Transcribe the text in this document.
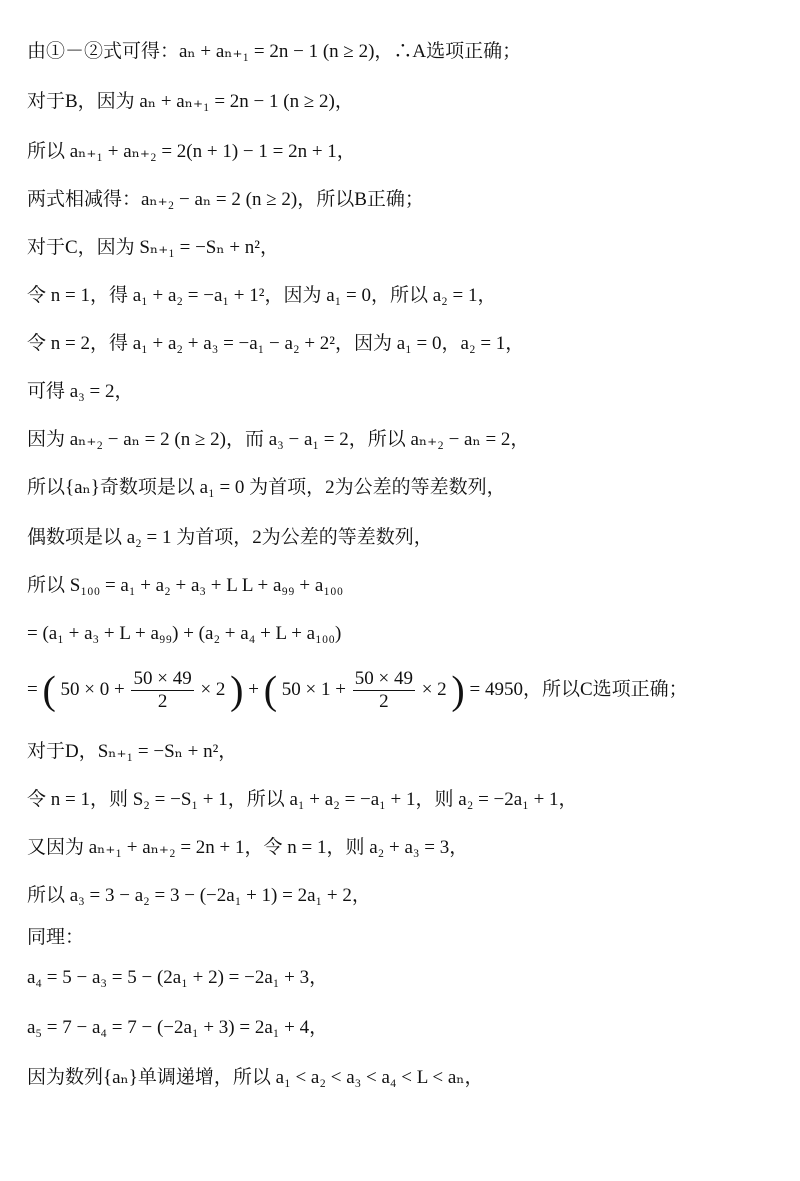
由①－②式可得：aₙ + aₙ₊₁ = 2n − 1 (n ≥ 2)，∴A选项正确；
对于B，因为 aₙ + aₙ₊₁ = 2n − 1 (n ≥ 2)，
所以 aₙ₊₁ + aₙ₊₂ = 2(n + 1) − 1 = 2n + 1，
两式相减得：aₙ₊₂ − aₙ = 2 (n ≥ 2)，所以B正确；
对于C，因为 Sₙ₊₁ = −Sₙ + n²，
令 n = 1，得 a₁ + a₂ = −a₁ + 1²，因为 a₁ = 0，所以 a₂ = 1，
令 n = 2，得 a₁ + a₂ + a₃ = −a₁ − a₂ + 2²，因为 a₁ = 0，a₂ = 1，
可得 a₃ = 2，
因为 aₙ₊₂ − aₙ = 2 (n ≥ 2)，而 a₃ − a₁ = 2，所以 aₙ₊₂ − aₙ = 2，
所以{aₙ}奇数项是以 a₁ = 0 为首项，2为公差的等差数列，
偶数项是以 a₂ = 1 为首项，2为公差的等差数列，
所以 S₁₀₀ = a₁ + a₂ + a₃ + L L + a₉₉ + a₁₀₀
= (a₁ + a₃ + L + a₉₉) + (a₂ + a₄ + L + a₁₀₀)
= ( $50 \times 0 + \frac{50 \times 49}{2} \times 2$ ) + ( $50 \times 1 + \frac{50 \times 49}{2} \times 2$ ) = 4950，所以C选项正确；
对于D，Sₙ₊₁ = −Sₙ + n²，
令 n = 1，则 S₂ = −S₁ + 1，所以 a₁ + a₂ = −a₁ + 1，则 a₂ = −2a₁ + 1，
又因为 aₙ₊₁ + aₙ₊₂ = 2n + 1，令 n = 1，则 a₂ + a₃ = 3，
所以 a₃ = 3 − a₂ = 3 − (−2a₁ + 1) = 2a₁ + 2，
同理：
a₄ = 5 − a₃ = 5 − (2a₁ + 2) = −2a₁ + 3，
a₅ = 7 − a₄ = 7 − (−2a₁ + 3) = 2a₁ + 4，
因为数列{aₙ}单调递增，所以 a₁ < a₂ < a₃ < a₄ < L < aₙ，
